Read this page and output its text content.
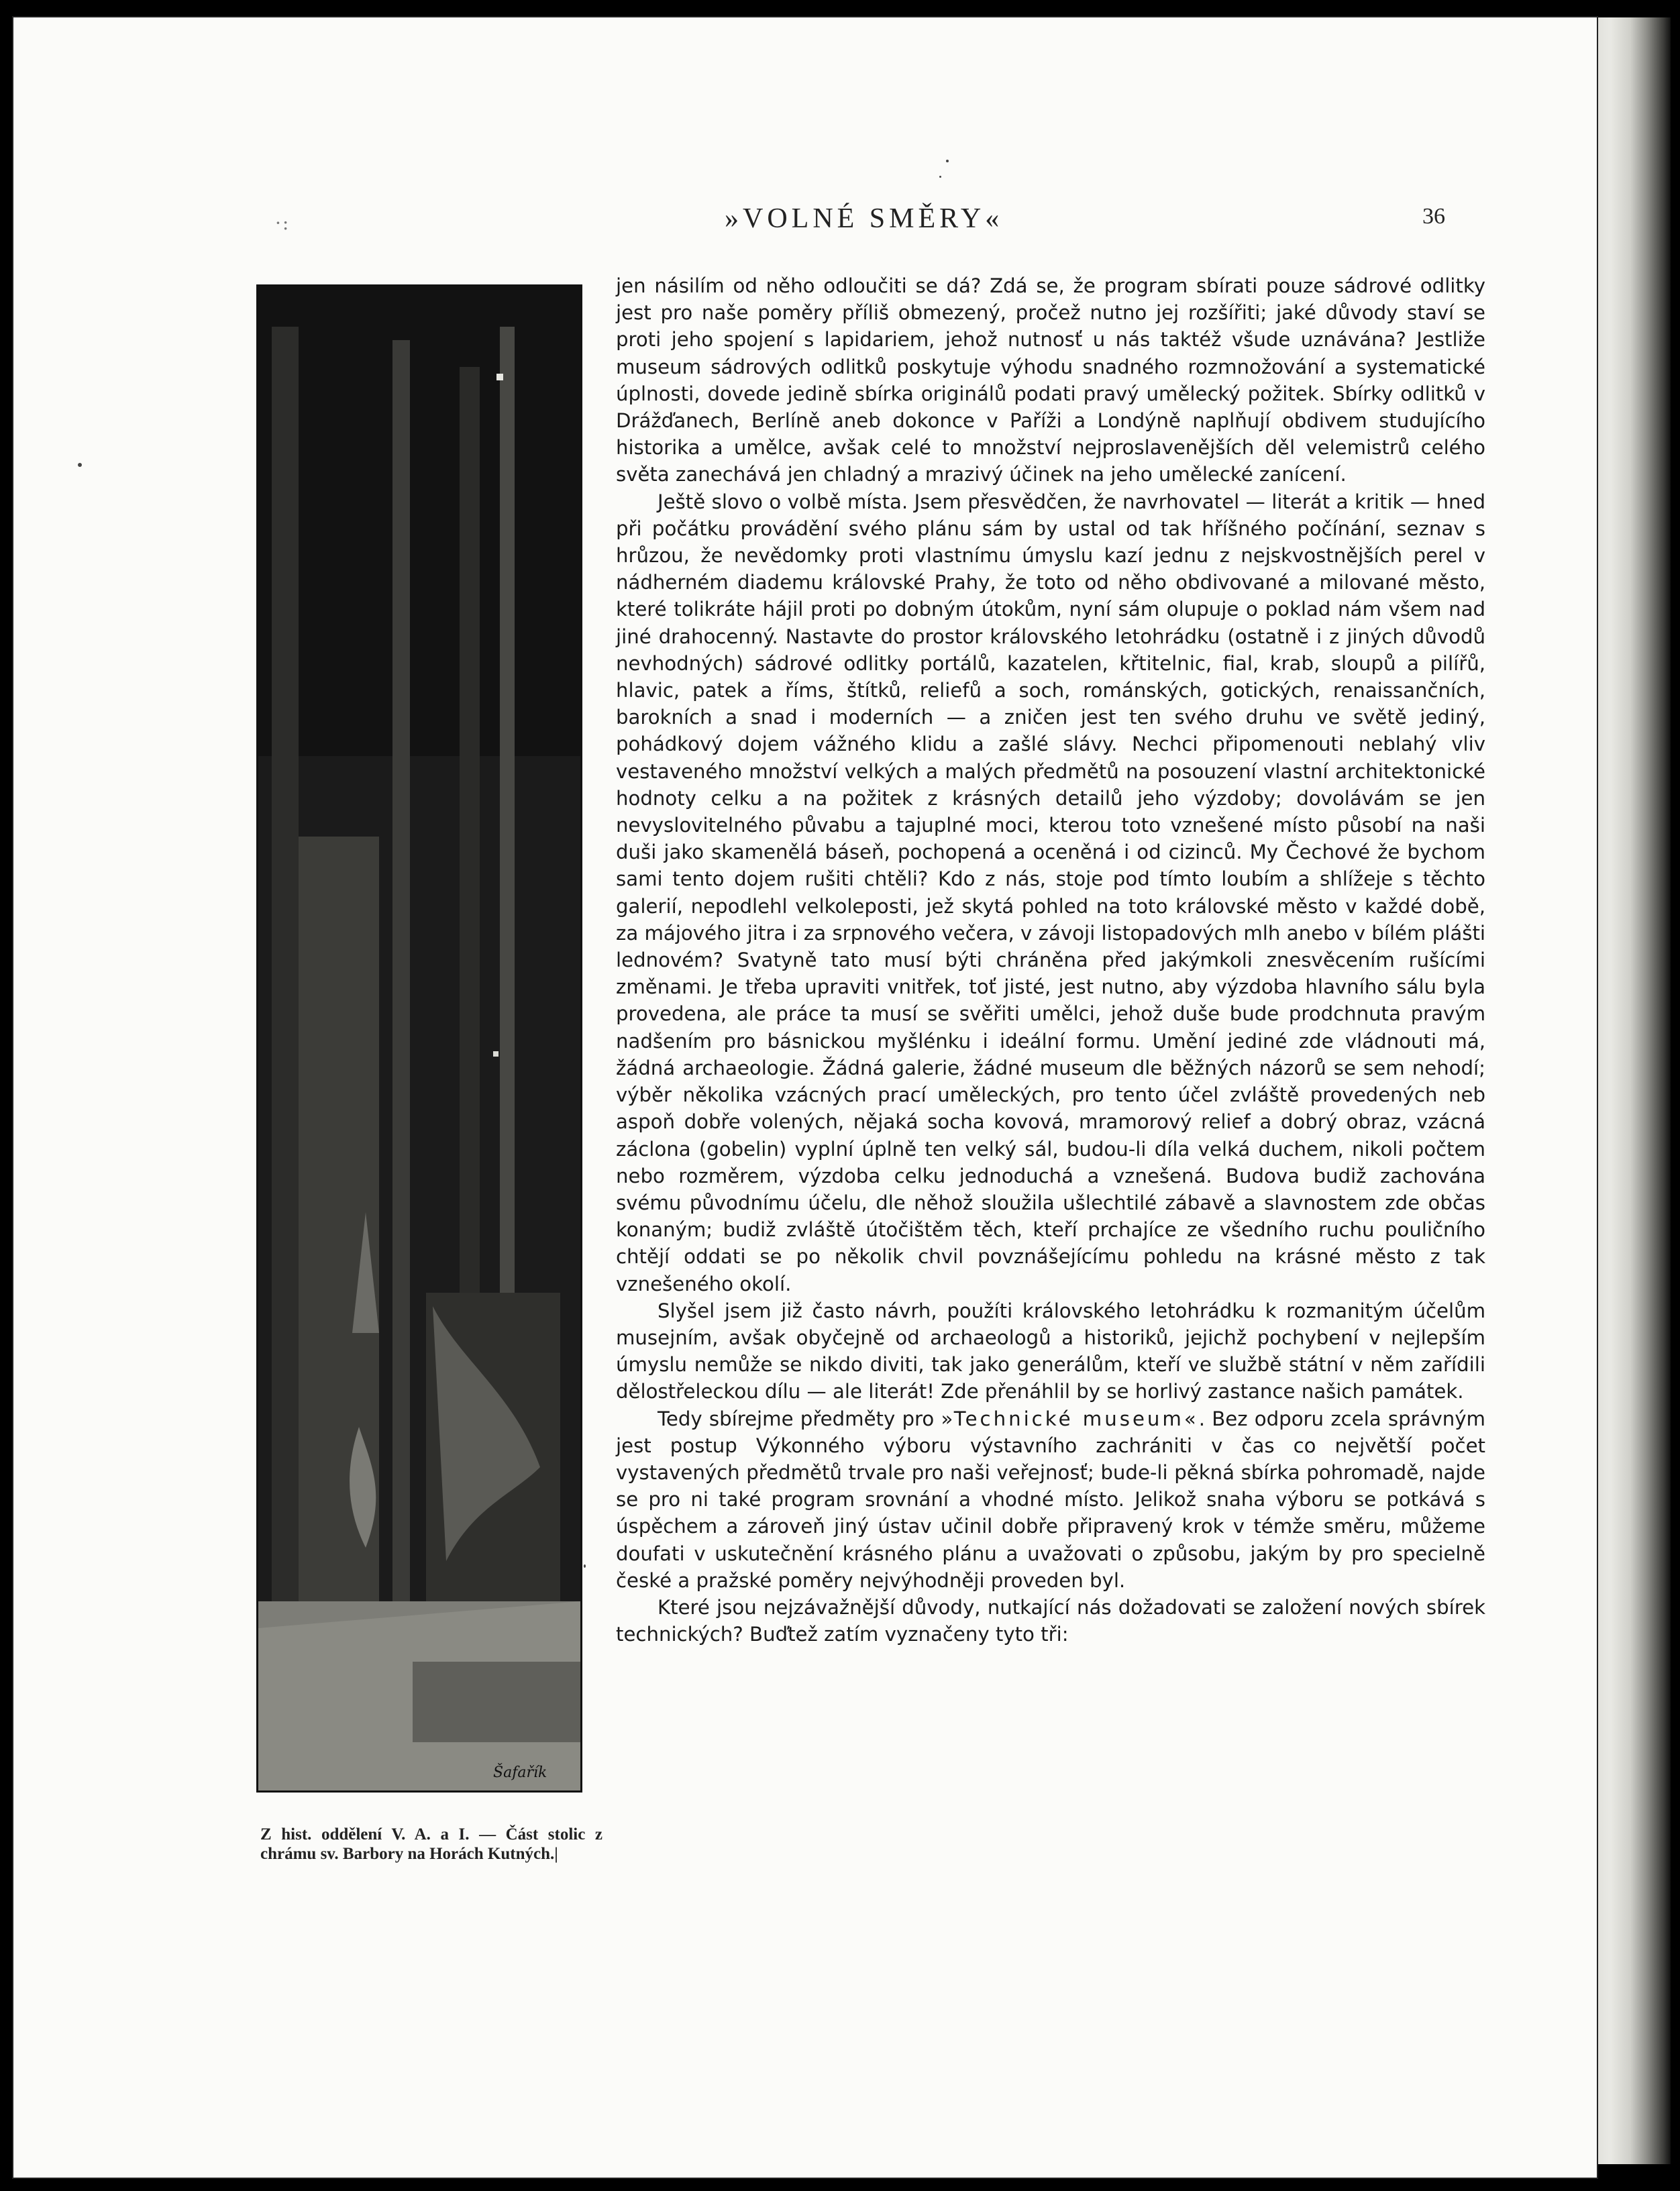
·:	»VOLNÉ SMĚRY«	36
Šafařík
Z hist. oddělení V. A. a I. — Část stolic z chrámu sv. Barbory na Horách Kutných.|

jen násilím od něho odloučiti se dá? Zdá se, že program sbírati pouze sádrové odlitky jest pro naše poměry příliš obmezený, pročež nutno jej rozšířiti; jaké důvody staví se proti jeho spojení s lapidariem, jehož nutnosť u nás taktéž všude uznávána? Jestliže museum sádrových odlitků poskytuje výhodu snadného rozmnožování a systematické úplnosti, dovede jedině sbírka originálů podati pravý umělecký požitek. Sbírky odlitků v Drážďanech, Berlíně aneb dokonce v Paříži a Londýně naplňují obdivem studujícího historika a umělce, avšak celé to množství nejproslavenějších děl velemistrů celého světa zanechává jen chladný a mrazivý účinek na jeho umělecké zanícení.

Ještě slovo o volbě místa. Jsem přesvědčen, že navrhovatel — literát a kritik — hned při počátku provádění svého plánu sám by ustal od tak hříšného počínání, seznav s hrůzou, že nevědomky proti vlastnímu úmyslu kazí jednu z nejskvostnějších perel v nádherném diademu královské Prahy, že toto od něho obdivované a milované město, které tolikráte hájil proti po dobným útokům, nyní sám olupuje o poklad nám všem nad jiné drahocenný. Nastavte do prostor královského letohrádku (ostatně i z jiných důvodů nevhodných) sádrové odlitky portálů, kazatelen, křtitelnic, fial, krab, sloupů a pilířů, hlavic, patek a říms, štítků, reliefů a soch, románských, gotických, renaissančních, barokních a snad i moderních — a zničen jest ten svého druhu ve světě jediný, pohádkový dojem vážného klidu a zašlé slávy. Nechci připomenouti neblahý vliv vestaveného množství velkých a malých předmětů na posouzení vlastní architektonické hodnoty celku a na požitek z krásných detailů jeho výzdoby; dovolávám se jen nevyslovitelného půvabu a tajuplné moci, kterou toto vznešené místo působí na naši duši jako skamenělá báseň, pochopená a oceněná i od cizinců. My Čechové že bychom sami tento dojem rušiti chtěli? Kdo z nás, stoje pod tímto loubím a shlížeje s těchto galerií, nepodlehl velkoleposti, jež skytá pohled na toto královské město v každé době, za májového jitra i za srpnového večera, v závoji listopadových mlh anebo v bílém plášti lednovém? Svatyně tato musí býti chráněna před jakýmkoli znesvěcením rušícími změnami. Je třeba upraviti vnitřek, toť jisté, jest nutno, aby výzdoba hlavního sálu byla provedena, ale práce ta musí se svěřiti umělci, jehož duše bude prodchnuta pravým nadšením pro básnickou myšlénku i ideální formu. Umění jediné zde vládnouti má, žádná archaeologie. Žádná galerie, žádné museum dle běžných názorů se sem nehodí; výběr několika vzácných prací uměleckých, pro tento účel zvláště provedených neb aspoň dobře volených, nějaká socha kovová, mramorový relief a dobrý obraz, vzácná záclona (gobelin) vyplní úplně ten velký sál, budou-li díla velká duchem, nikoli počtem nebo rozměrem, výzdoba celku jednoduchá a vznešená. Budova budiž zachována svému původnímu účelu, dle něhož sloužila ušlechtilé zábavě a slavnostem zde občas konaným; budiž zvláště útočištěm těch, kteří prchajíce ze všedního ruchu pouličního chtějí oddati se po několik chvil povznášejícímu pohledu na krásné město z tak vznešeného okolí.

Slyšel jsem již často návrh, použíti královského letohrádku k rozmanitým účelům musejním, avšak obyčejně od archaeologů a historiků, jejichž pochybení v nejlepším úmyslu nemůže se nikdo diviti, tak jako generálům, kteří ve službě státní v něm zařídili dělostřeleckou dílu — ale literát! Zde přenáhlil by se horlivý zastance našich památek.

Tedy sbírejme předměty pro »Technické museum«. Bez odporu zcela správným jest postup Výkonného výboru výstavního zachrániti v čas co největší počet vystavených předmětů trvale pro naši veřejnosť; bude-li pěkná sbírka pohromadě, najde se pro ni také program srovnání a vhodné místo. Jelikož snaha výboru se potkává s úspěchem a zároveň jiný ústav učinil dobře připravený krok v témže směru, můžeme doufati v uskutečnění krásného plánu a uvažovati o způsobu, jakým by pro specielně české a pražské poměry nejvýhodněji proveden byl.

Které jsou nejzávažnější důvody, nutkající nás dožadovati se založení nových sbírek technických? Buďtež zatím vyznačeny tyto tři:
